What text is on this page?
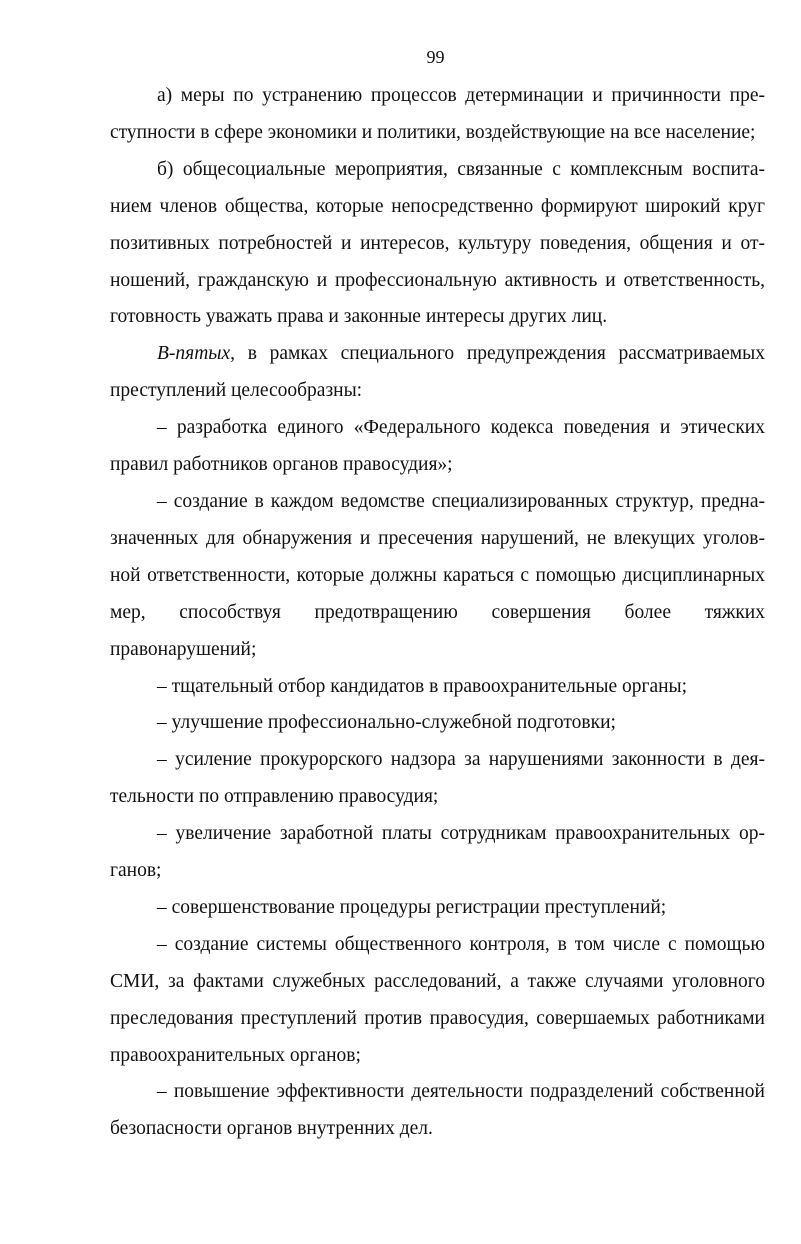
99

а) меры по устранению процессов детерминации и причинности преступности в сфере экономики и политики, воздействующие на все население;

б) общесоциальные мероприятия, связанные с комплексным воспитанием членов общества, которые непосредственно формируют широкий круг позитивных потребностей и интересов, культуру поведения, общения и отношений, гражданскую и профессиональную активность и ответственность, готовность уважать права и законные интересы других лиц.

В-пятых, в рамках специального предупреждения рассматриваемых преступлений целесообразны:

– разработка единого «Федерального кодекса поведения и этических правил работников органов правосудия»;

– создание в каждом ведомстве специализированных структур, предназначенных для обнаружения и пресечения нарушений, не влекущих уголовной ответственности, которые должны караться с помощью дисциплинарных мер, способствуя предотвращению совершения более тяжких правонарушений;

– тщательный отбор кандидатов в правоохранительные органы;

– улучшение профессионально-служебной подготовки;

– усиление прокурорского надзора за нарушениями законности в деятельности по отправлению правосудия;

– увеличение заработной платы сотрудникам правоохранительных органов;

– совершенствование процедуры регистрации преступлений;

– создание системы общественного контроля, в том числе с помощью СМИ, за фактами служебных расследований, а также случаями уголовного преследования преступлений против правосудия, совершаемых работниками правоохранительных органов;

– повышение эффективности деятельности подразделений собственной безопасности органов внутренних дел.
